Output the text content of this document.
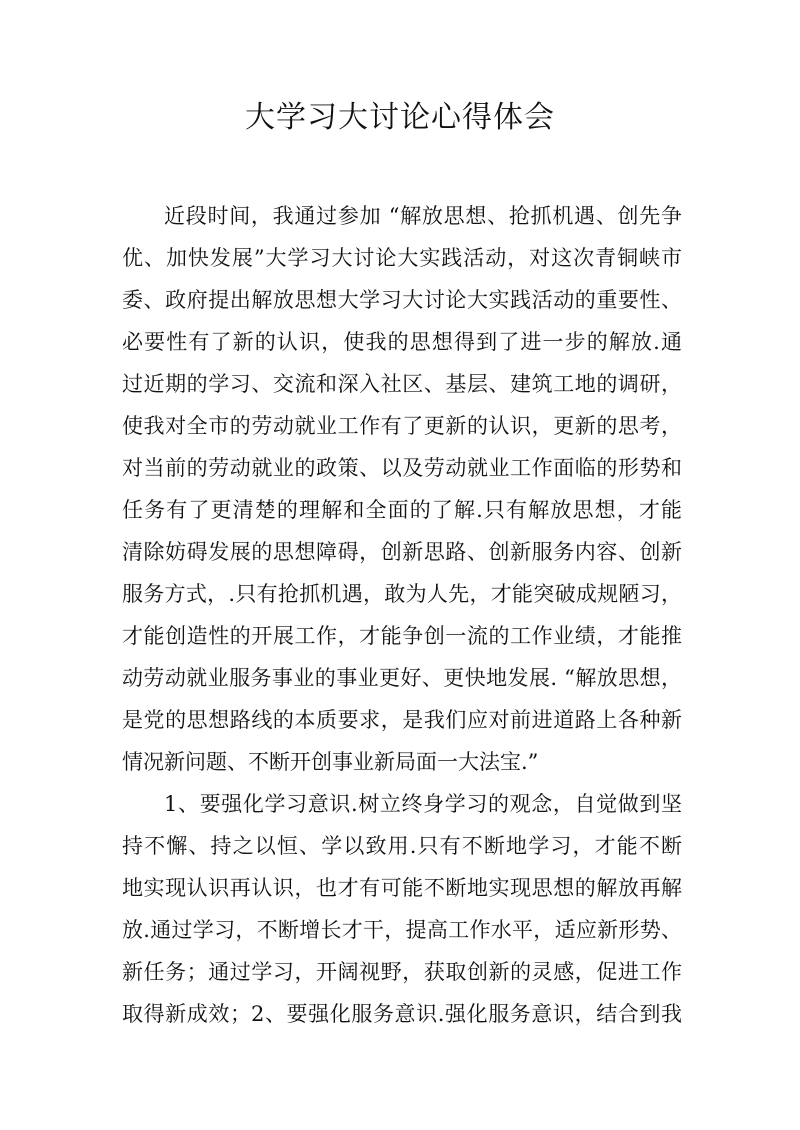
大学习大讨论心得体会
近段时间，我通过参加 “解放思想、抢抓机遇、创先争
优、加快发展”大学习大讨论大实践活动，对这次青铜峡市
委、政府提出解放思想大学习大讨论大实践活动的重要性、
必要性有了新的认识，使我的思想得到了进一步的解放.通
过近期的学习、交流和深入社区、基层、建筑工地的调研，
使我对全市的劳动就业工作有了更新的认识，更新的思考，
对当前的劳动就业的政策、以及劳动就业工作面临的形势和
任务有了更清楚的理解和全面的了解.只有解放思想，才能
清除妨碍发展的思想障碍，创新思路、创新服务内容、创新
服务方式，.只有抢抓机遇，敢为人先，才能突破成规陋习，
才能创造性的开展工作，才能争创一流的工作业绩，才能推
动劳动就业服务事业的事业更好、更快地发展. “解放思想，
是党的思想路线的本质要求，是我们应对前进道路上各种新
情况新问题、不断开创事业新局面一大法宝.”
1、要强化学习意识.树立终身学习的观念，自觉做到坚
持不懈、持之以恒、学以致用.只有不断地学习，才能不断
地实现认识再认识，也才有可能不断地实现思想的解放再解
放.通过学习，不断增长才干，提高工作水平，适应新形势、
新任务；通过学习，开阔视野，获取创新的灵感，促进工作
取得新成效；2、要强化服务意识.强化服务意识，结合到我
